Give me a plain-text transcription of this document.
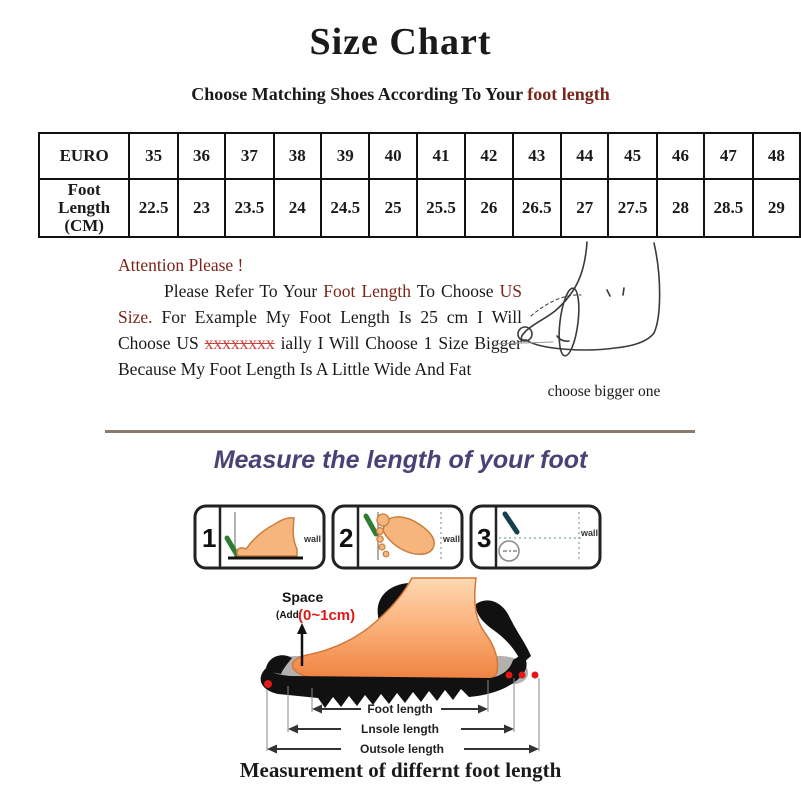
Size Chart
Choose Matching Shoes According To Your foot length
EURO	35	36	37	38	39	40	41	42	43	44	45	46	47	48
Foot Length (CM)	22.5	23	23.5	24	24.5	25	25.5	26	26.5	27	27.5	28	28.5	29
Attention Please !

Please Refer To Your Foot Length To Choose US Size. For Example My Foot Length Is 25 cm I Will Choose US xxxxxxxx ially I Will Choose 1 Size Bigger Because My Foot Length Is A Little Wide And Fat

choose bigger one
Measure the length of your foot
1	wall 2	wall 3	wall
Space
(Add (0~1cm)
Foot length
Lnsole length
Outsole length
Measurement of differnt foot length
